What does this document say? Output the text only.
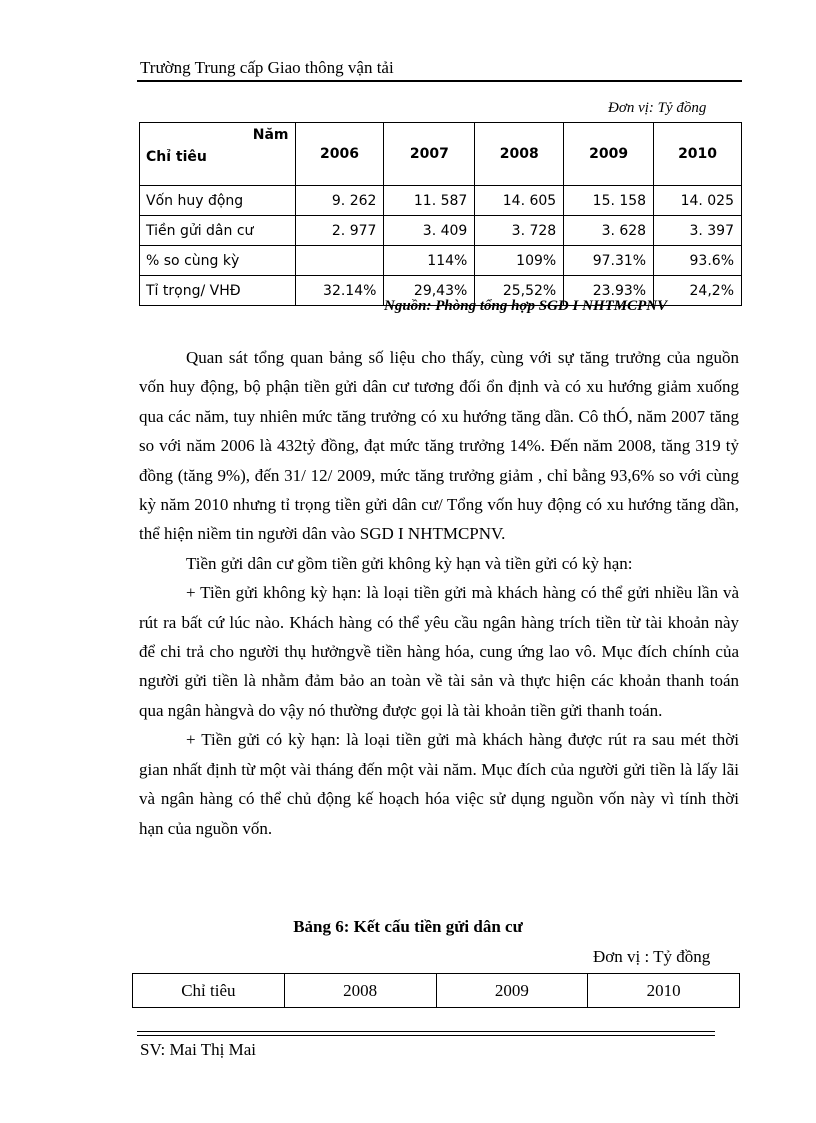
Trường Trung cấp Giao thông vận tải
Đơn vị: Tỷ đồng
Năm
Chỉ tiêu	2006	2007	2008	2009	2010
Vốn huy động	9. 262	11. 587	14. 605	15. 158	14. 025
Tiền gửi dân cư	2. 977	3. 409	3. 728	3. 628	3. 397
% so cùng kỳ		114%	109%	97.31%	93.6%
Tỉ trọng/ VHĐ	32.14%	29,43%	25,52%	23.93%	24,2%
Nguồn: Phòng tổng hợp SGD I NHTMCPNV

Quan sát tổng quan bảng số liệu cho thấy, cùng với sự tăng trưởng của nguồn vốn huy động, bộ phận tiền gửi dân cư tương đối ổn định và có xu hướng giảm xuống qua các năm, tuy nhiên mức tăng trưởng có xu hướng tăng dần. Cô thÓ, năm 2007 tăng so với năm 2006 là 432tỷ đồng, đạt mức tăng trưởng 14%. Đến năm 2008, tăng 319 tỷ đồng (tăng 9%), đến 31/ 12/ 2009, mức tăng trưởng giảm , chỉ bằng 93,6% so với cùng kỳ năm 2010 nhưng tỉ trọng tiền gửi dân cư/ Tổng vốn huy động có xu hướng tăng dần, thể hiện niềm tin người dân vào SGD I NHTMCPNV.

Tiền gửi dân cư gồm tiền gửi không kỳ hạn và tiền gửi có kỳ hạn:

+ Tiền gửi không kỳ hạn: là loại tiền gửi mà khách hàng có thể gửi nhiều lần và rút ra bất cứ lúc nào. Khách hàng có thể yêu cầu ngân hàng trích tiền từ tài khoản này để chi trả cho người thụ hưởngvề tiền hàng hóa, cung ứng lao vô. Mục đích chính của người gửi tiền là nhằm đảm bảo an toàn về tài sản và thực hiện các khoản thanh toán qua ngân hàngvà do vậy nó thường được gọi là tài khoản tiền gửi thanh toán.

+ Tiền gửi có kỳ hạn: là loại tiền gửi mà khách hàng được rút ra sau mét thời gian nhất định từ một vài tháng đến một vài năm. Mục đích của người gửi tiền là lấy lãi và ngân hàng có thể chủ động kế hoạch hóa việc sử dụng nguồn vốn này vì tính thời hạn của nguồn vốn.

Bảng 6: Kết cấu tiền gửi dân cư
Đơn vị : Tỷ đồng
Chỉ tiêu	2008	2009	2010
SV: Mai Thị Mai
